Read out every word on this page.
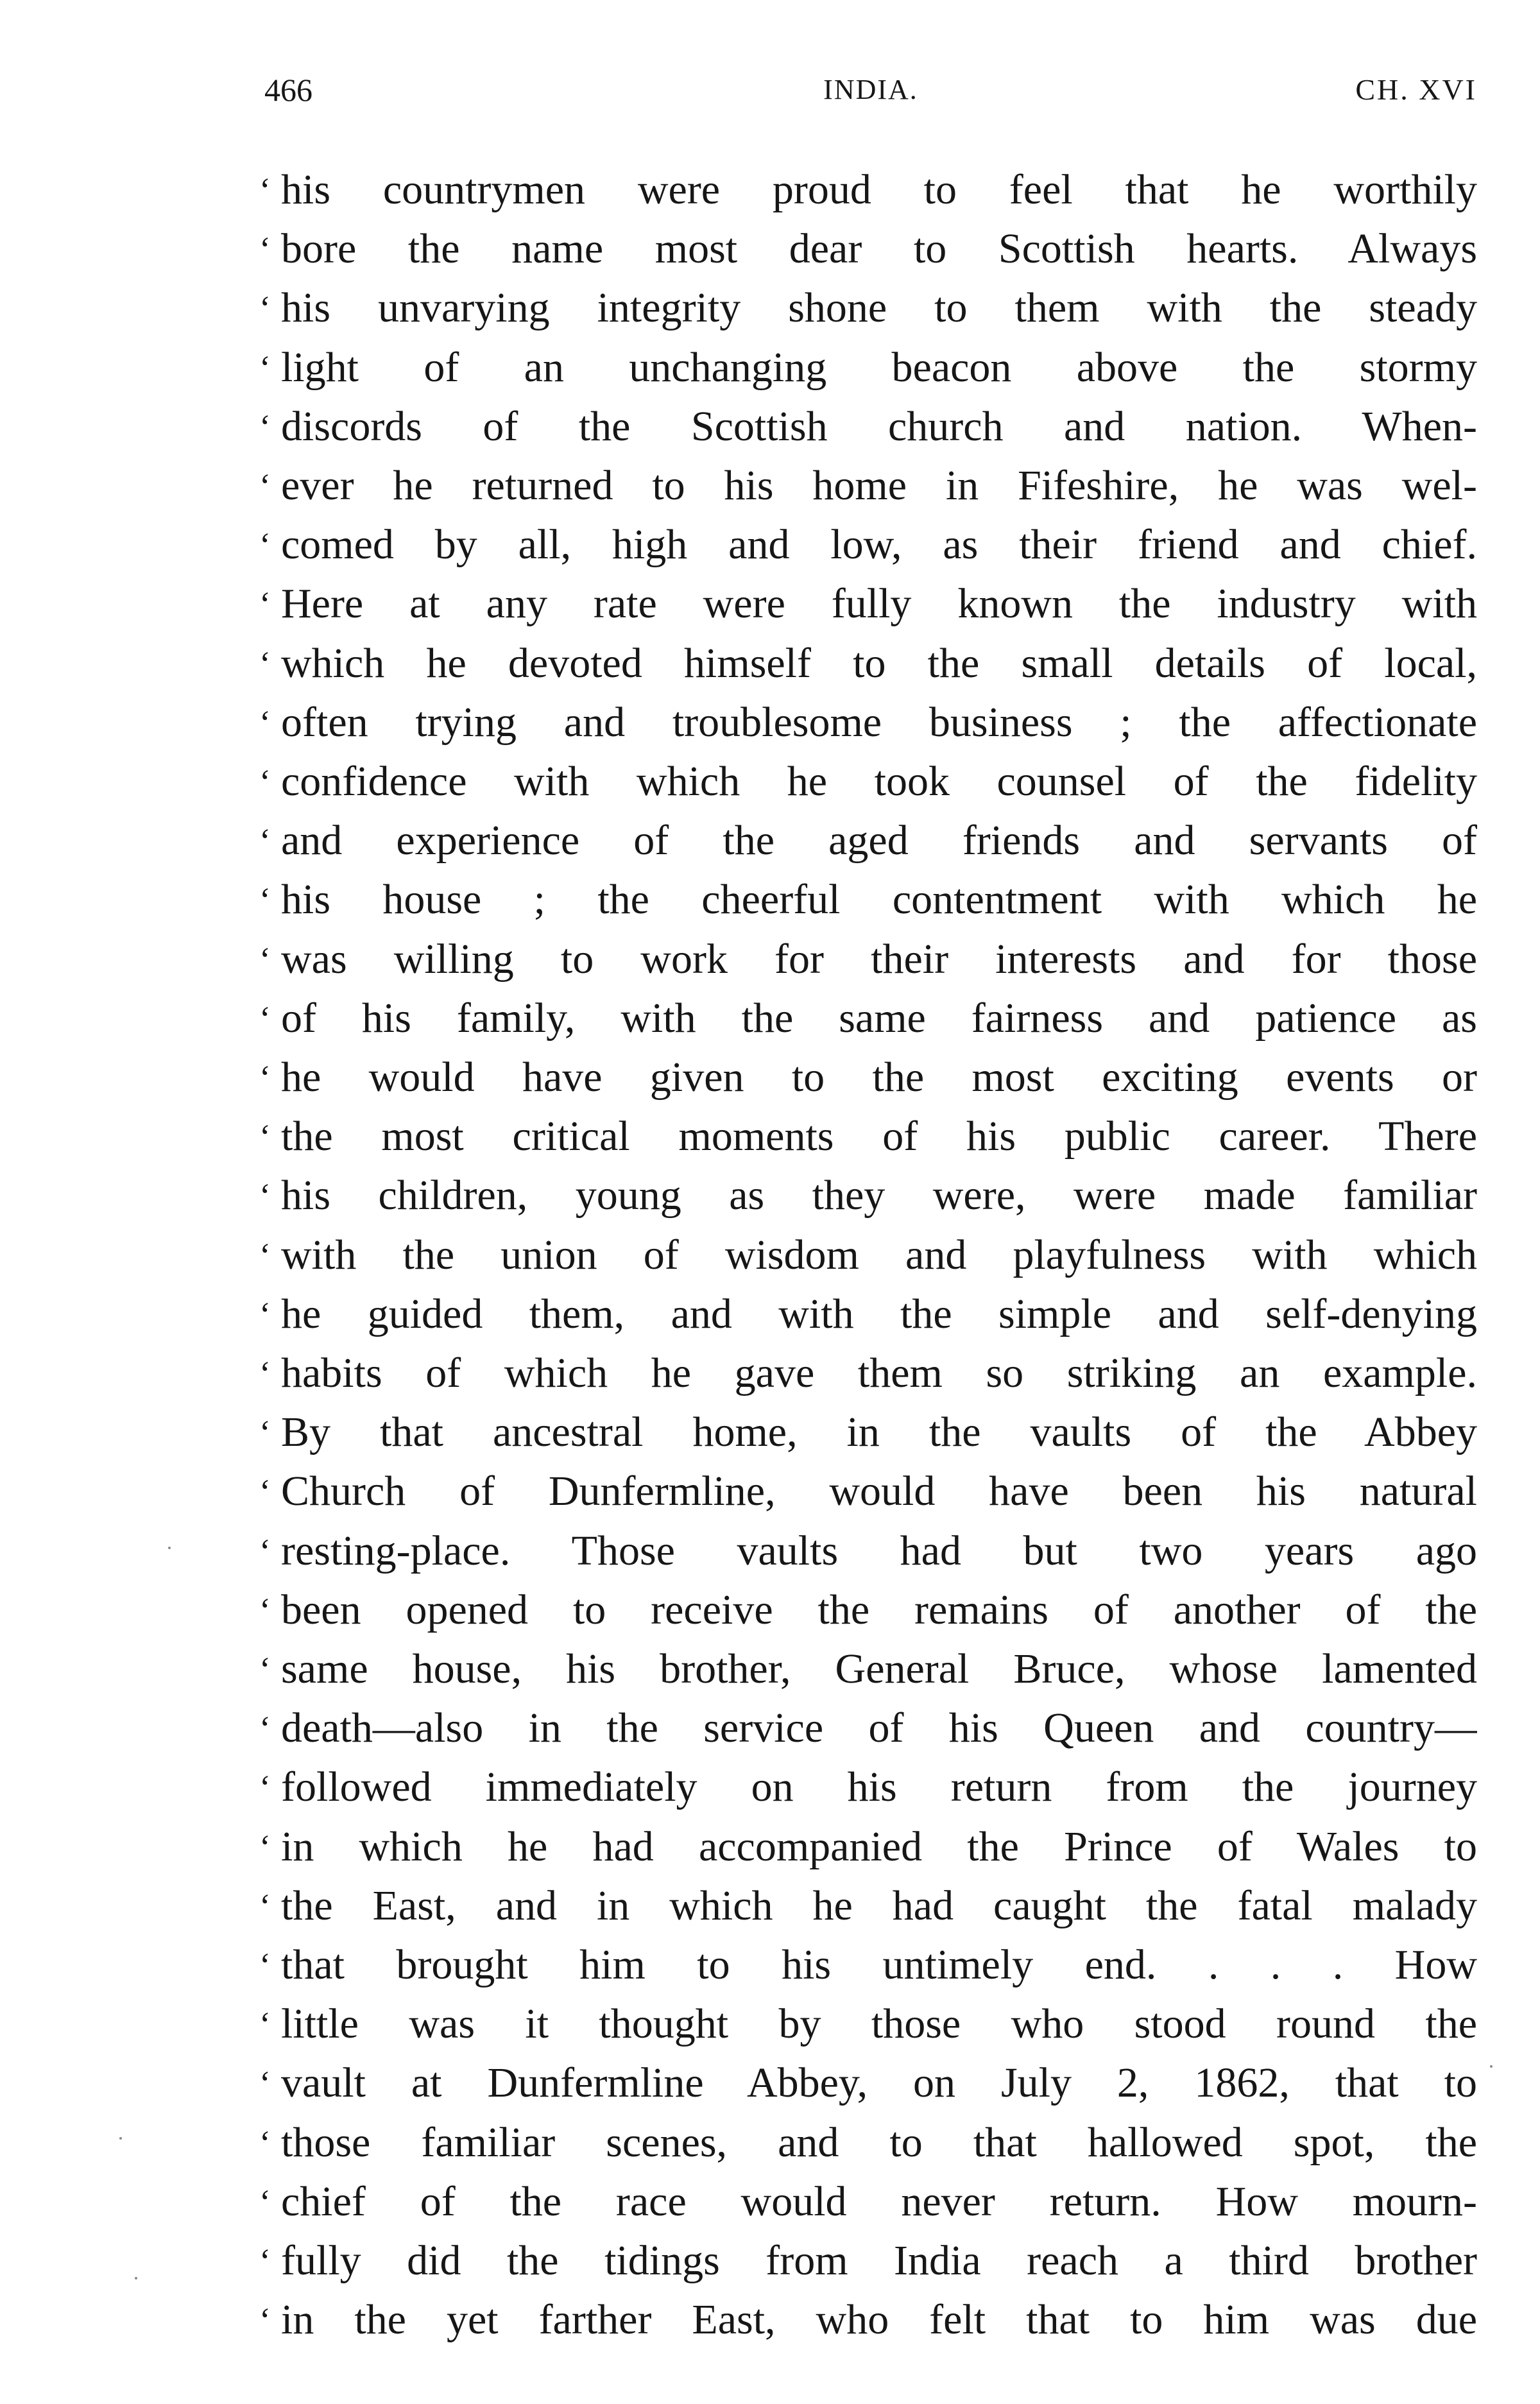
466	INDIA.	CH. XVI
‘ his countrymen were proud to feel that he worthily
‘ bore the name most dear to Scottish hearts. Always
‘ his unvarying integrity shone to them with the steady
‘ light of an unchanging beacon above the stormy
‘ discords of the Scottish church and nation. When-
‘ ever he returned to his home in Fifeshire, he was wel-
‘ comed by all, high and low, as their friend and chief.
‘ Here at any rate were fully known the industry with
‘ which he devoted himself to the small details of local,
‘ often trying and troublesome business ; the affectionate
‘ confidence with which he took counsel of the fidelity
‘ and experience of the aged friends and servants of
‘ his house ; the cheerful contentment with which he
‘ was willing to work for their interests and for those
‘ of his family, with the same fairness and patience as
‘ he would have given to the most exciting events or
‘ the most critical moments of his public career. There
‘ his children, young as they were, were made familiar
‘ with the union of wisdom and playfulness with which
‘ he guided them, and with the simple and self-denying
‘ habits of which he gave them so striking an example.
‘ By that ancestral home, in the vaults of the Abbey
‘ Church of Dunfermline, would have been his natural
‘ resting-place. Those vaults had but two years ago
‘ been opened to receive the remains of another of the
‘ same house, his brother, General Bruce, whose lamented
‘ death—also in the service of his Queen and country—
‘ followed immediately on his return from the journey
‘ in which he had accompanied the Prince of Wales to
‘ the East, and in which he had caught the fatal malady
‘ that brought him to his untimely end. . . . How
‘ little was it thought by those who stood round the
‘ vault at Dunfermline Abbey, on July 2, 1862, that to
‘ those familiar scenes, and to that hallowed spot, the
‘ chief of the race would never return. How mourn-
‘ fully did the tidings from India reach a third brother
‘ in the yet farther East, who felt that to him was due
